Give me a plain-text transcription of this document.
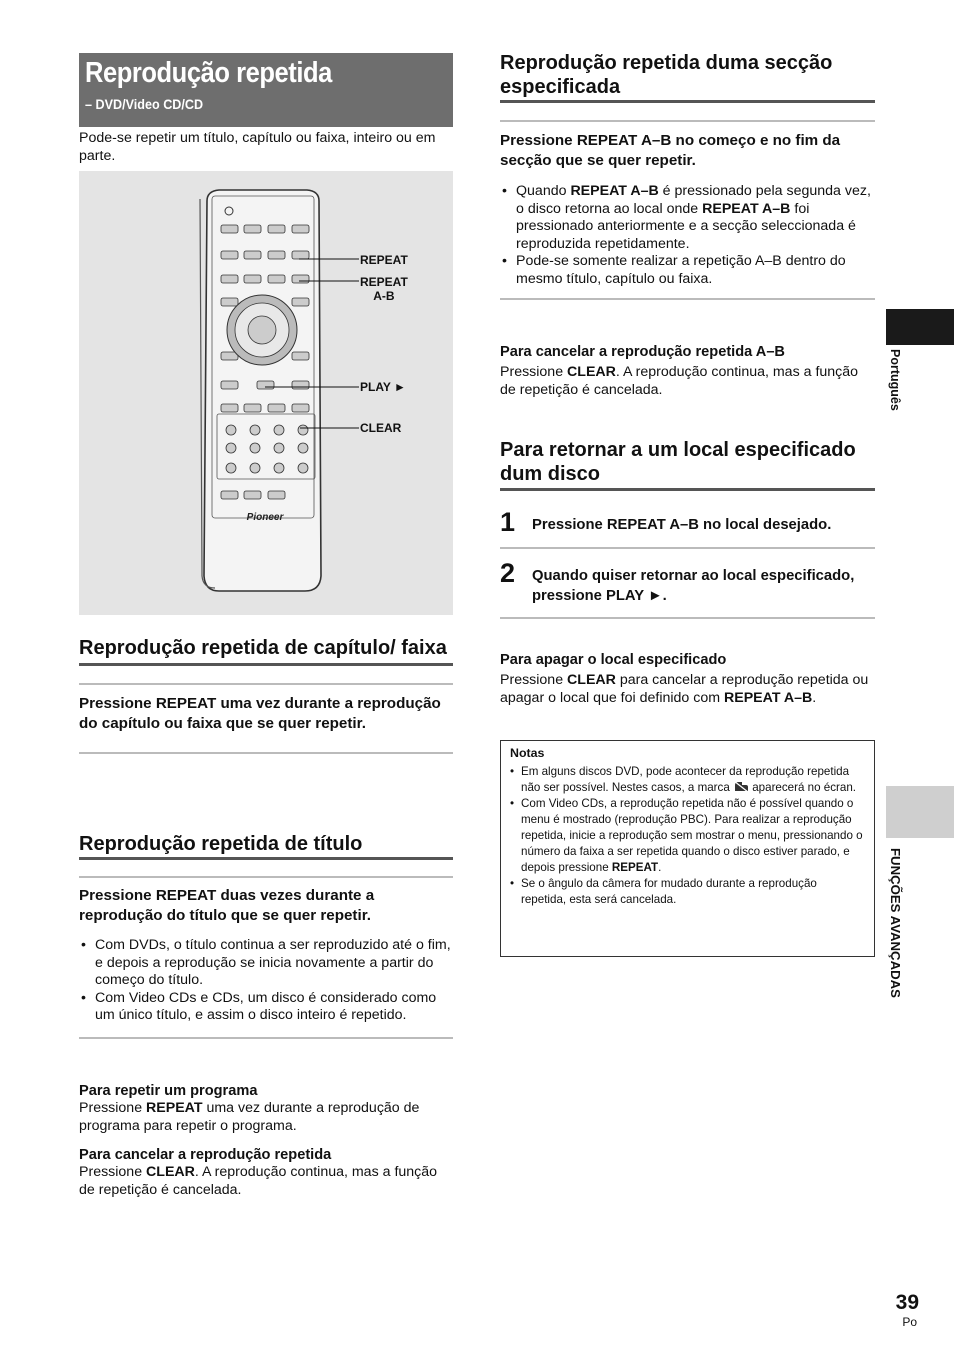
Reprodução repetida
– DVD/Video CD/CD

Pode-se repetir um título, capítulo ou faixa, inteiro ou em parte.

Pioneer
REPEAT
REPEAT
A-B
PLAY ►
CLEAR
Reprodução repetida de capítulo/ faixa
Pressione REPEAT uma vez durante a reprodução do capítulo ou faixa que se quer repetir.
Reprodução repetida de título
Pressione REPEAT duas vezes durante a reprodução do título que se quer repetir.
• Com DVDs, o título continua a ser reproduzido até o fim, e depois a reprodução se inicia novamente a partir do começo do título.
• Com Video CDs e CDs, um disco é considerado como um único título, e assim o disco inteiro é repetido.
Para repetir um programa

Pressione REPEAT uma vez durante a reprodução de programa para repetir o programa.

Para cancelar a reprodução repetida

Pressione CLEAR. A reprodução continua, mas a função de repetição é cancelada.

Reprodução repetida duma secção especificada
Pressione REPEAT A–B no começo e no fim da secção que se quer repetir.
• Quando REPEAT A–B é pressionado pela segunda vez, o disco retorna ao local onde REPEAT A–B foi pressionado anteriormente e a secção seleccionada é reproduzida repetidamente.
• Pode-se somente realizar a repetição A–B dentro do mesmo título, capítulo ou faixa.
Para cancelar a reprodução repetida A–B

Pressione CLEAR. A reprodução continua, mas a função de repetição é cancelada.

Para retornar a um local especificado dum disco
1	Pressione REPEAT A–B no local desejado.
2	Quando quiser retornar ao local especificado, pressione PLAY ►.
Para apagar o local especificado

Pressione CLEAR para cancelar a reprodução repetida ou apagar o local que foi definido com REPEAT A–B.

Notas
• Em alguns discos DVD, pode acontecer da reprodução repetida não ser possível. Nestes casos, a marca  aparecerá no écran.
• Com Video CDs, a reprodução repetida não é possível quando o menu é mostrado (reprodução PBC). Para realizar a reprodução repetida, inicie a reprodução sem mostrar o menu, pressionando o número da faixa a ser repetida quando o disco estiver parado, e depois pressione REPEAT.
• Se o ângulo da câmera for mudado durante a reprodução repetida, esta será cancelada.
Português
FUNÇÕES AVANÇADAS
39
Po
